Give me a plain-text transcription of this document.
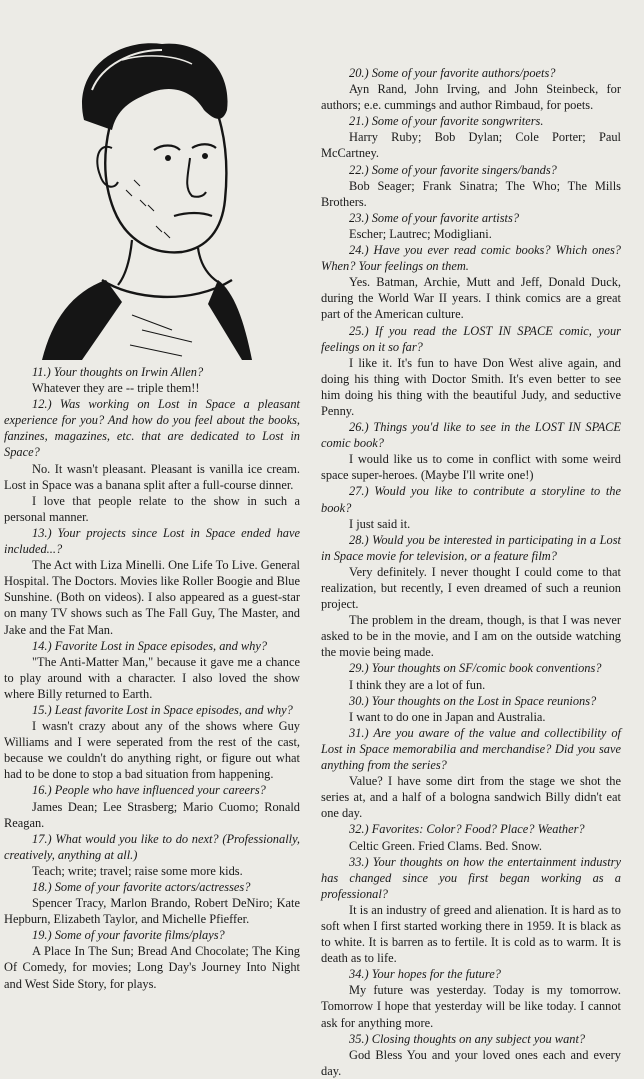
11.) Your thoughts on Irwin Allen?

Whatever they are -- triple them!!

12.) Was working on Lost in Space a pleasant experience for you? And how do you feel about the books, fanzines, magazines, etc. that are dedicated to Lost in Space?

No. It wasn't pleasant. Pleasant is vanilla ice cream. Lost in Space was a banana split after a full-course dinner.

I love that people relate to the show in such a personal manner.

13.) Your projects since Lost in Space ended have included...?

The Act with Liza Minelli. One Life To Live. General Hospital. The Doctors. Movies like Roller Boogie and Blue Sunshine. (Both on videos). I also appeared as a guest-star on many TV shows such as The Fall Guy, The Master, and Jake and the Fat Man.

14.) Favorite Lost in Space episodes, and why?

"The Anti-Matter Man," because it gave me a chance to play around with a character. I also loved the show where Billy returned to Earth.

15.) Least favorite Lost in Space episodes, and why?

I wasn't crazy about any of the shows where Guy Williams and I were seperated from the rest of the cast, because we couldn't do anything right, or figure out what had to be done to stop a bad situation from happening.

16.) People who have influenced your careers?

James Dean; Lee Strasberg; Mario Cuomo; Ronald Reagan.

17.) What would you like to do next? (Professionally, creatively, anything at all.)

Teach; write; travel; raise some more kids.

18.) Some of your favorite actors/actresses?

Spencer Tracy, Marlon Brando, Robert DeNiro; Kate Hepburn, Elizabeth Taylor, and Michelle Pfieffer.

19.) Some of your favorite films/plays?

A Place In The Sun; Bread And Chocolate; The King Of Comedy, for movies; Long Day's Journey Into Night and West Side Story, for plays.

20.) Some of your favorite authors/poets?

Ayn Rand, John Irving, and John Steinbeck, for authors; e.e. cummings and author Rimbaud, for poets.

21.) Some of your favorite songwriters.

Harry Ruby; Bob Dylan; Cole Porter; Paul McCartney.

22.) Some of your favorite singers/bands?

Bob Seager; Frank Sinatra; The Who; The Mills Brothers.

23.) Some of your favorite artists?

Escher; Lautrec; Modigliani.

24.) Have you ever read comic books? Which ones? When? Your feelings on them.

Yes. Batman, Archie, Mutt and Jeff, Donald Duck, during the World War II years. I think comics are a great part of the American culture.

25.) If you read the LOST IN SPACE comic, your feelings on it so far?

I like it. It's fun to have Don West alive again, and doing his thing with Doctor Smith. It's even better to see him doing his thing with the beautiful Judy, and seductive Penny.

26.) Things you'd like to see in the LOST IN SPACE comic book?

I would like us to come in conflict with some weird space super-heroes. (Maybe I'll write one!)

27.) Would you like to contribute a storyline to the book?

I just said it.

28.) Would you be interested in participating in a Lost in Space movie for television, or a feature film?

Very definitely. I never thought I could come to that realization, but recently, I even dreamed of such a reunion project.

The problem in the dream, though, is that I was never asked to be in the movie, and I am on the outside watching the movie being made.

29.) Your thoughts on SF/comic book conventions?

I think they are a lot of fun.

30.) Your thoughts on the Lost in Space reunions?

I want to do one in Japan and Australia.

31.) Are you aware of the value and collectibility of Lost in Space memorabilia and merchandise? Did you save anything from the series?

Value? I have some dirt from the stage we shot the series at, and a half of a bologna sandwich Billy didn't eat one day.

32.) Favorites: Color? Food? Place? Weather?

Celtic Green. Fried Clams. Bed. Snow.

33.) Your thoughts on how the entertainment industry has changed since you first began working as a professional?

It is an industry of greed and alienation. It is hard as to soft when I first started working there in 1959. It is black as to white. It is barren as to fertile. It is cold as to warm. It is death as to life.

34.) Your hopes for the future?

My future was yesterday. Today is my tomorrow. Tomorrow I hope that yesterday will be like today. I cannot ask for anything more.

35.) Closing thoughts on any subject you want?

God Bless You and your loved ones each and every day.
